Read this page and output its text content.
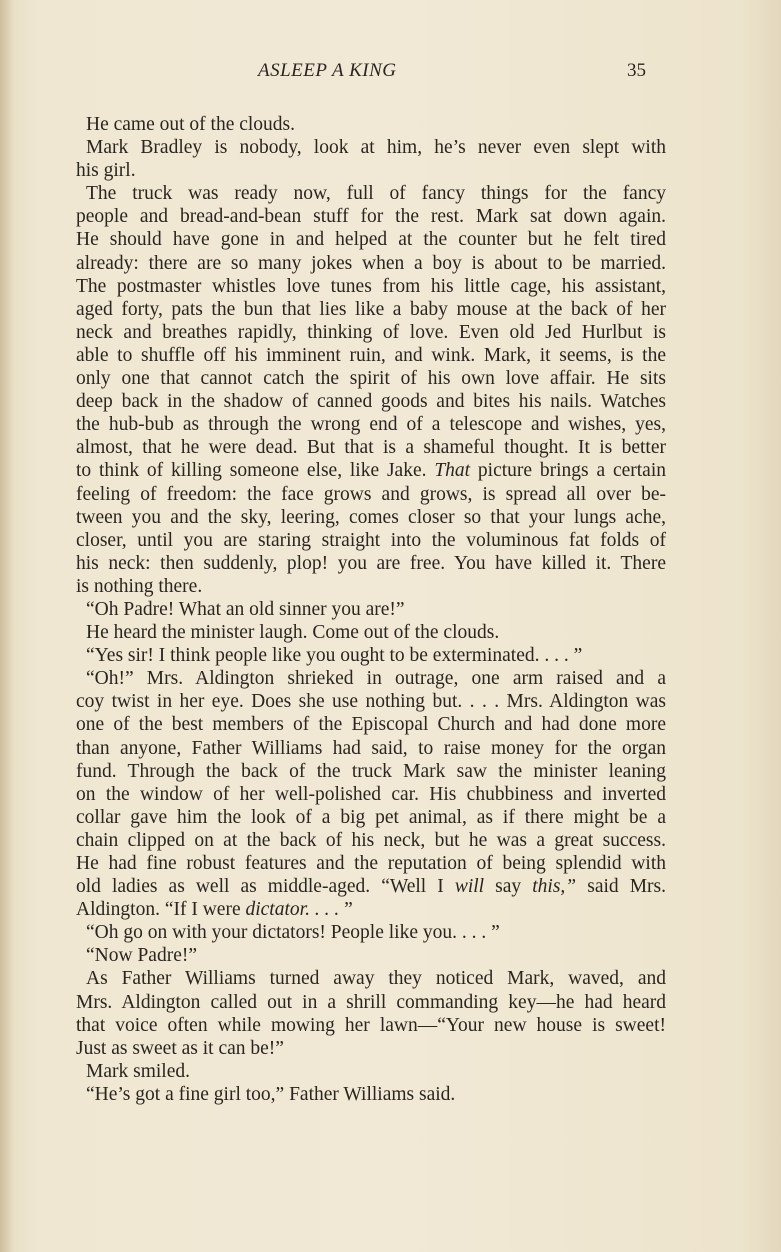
ASLEEP A KING	35
He came out of the clouds.
Mark Bradley is nobody, look at him, he’s never even slept with
his girl.
The truck was ready now, full of fancy things for the fancy
people and bread-and-bean stuff for the rest. Mark sat down again.
He should have gone in and helped at the counter but he felt tired
already: there are so many jokes when a boy is about to be married.
The postmaster whistles love tunes from his little cage, his assistant,
aged forty, pats the bun that lies like a baby mouse at the back of her
neck and breathes rapidly, thinking of love. Even old Jed Hurlbut is
able to shuffle off his imminent ruin, and wink. Mark, it seems, is the
only one that cannot catch the spirit of his own love affair. He sits
deep back in the shadow of canned goods and bites his nails. Watches
the hub-bub as through the wrong end of a telescope and wishes, yes,
almost, that he were dead. But that is a shameful thought. It is better
to think of killing someone else, like Jake. That picture brings a certain
feeling of freedom: the face grows and grows, is spread all over be-
tween you and the sky, leering, comes closer so that your lungs ache,
closer, until you are staring straight into the voluminous fat folds of
his neck: then suddenly, plop! you are free. You have killed it. There
is nothing there.
“Oh Padre! What an old sinner you are!”
He heard the minister laugh. Come out of the clouds.
“Yes sir! I think people like you ought to be exterminated. . . . ”
“Oh!” Mrs. Aldington shrieked in outrage, one arm raised and a
coy twist in her eye. Does she use nothing but. . . . Mrs. Aldington was
one of the best members of the Episcopal Church and had done more
than anyone, Father Williams had said, to raise money for the organ
fund. Through the back of the truck Mark saw the minister leaning
on the window of her well-polished car. His chubbiness and inverted
collar gave him the look of a big pet animal, as if there might be a
chain clipped on at the back of his neck, but he was a great success.
He had fine robust features and the reputation of being splendid with
old ladies as well as middle-aged. “Well I will say this,” said Mrs.
Aldington. “If I were dictator. . . . ”
“Oh go on with your dictators! People like you. . . . ”
“Now Padre!”
As Father Williams turned away they noticed Mark, waved, and
Mrs. Aldington called out in a shrill commanding key—he had heard
that voice often while mowing her lawn—“Your new house is sweet!
Just as sweet as it can be!”
Mark smiled.
“He’s got a fine girl too,” Father Williams said.
